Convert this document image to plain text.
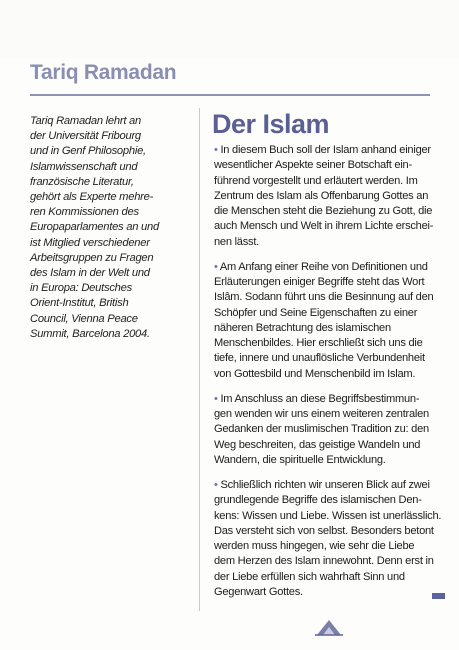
Tariq Ramadan
Tariq Ramadan lehrt an
der Universität Fribourg
und in Genf Philosophie,
Islamwissenschaft und
französische Literatur,
gehört als Experte mehre-
ren Kommissionen des
Europaparlamentes an und
ist Mitglied verschiedener
Arbeitsgruppen zu Fragen
des Islam in der Welt und
in Europa: Deutsches
Orient-Institut, British
Council, Vienna Peace
Summit, Barcelona 2004.
Der Islam
• In diesem Buch soll der Islam anhand einiger
wesentlicher Aspekte seiner Botschaft ein-
führend vorgestellt und erläutert werden. Im
Zentrum des Islam als Offenbarung Gottes an
die Menschen steht die Beziehung zu Gott, die
auch Mensch und Welt in ihrem Lichte erschei-
nen lässt.
• Am Anfang einer Reihe von Definitionen und
Erläuterungen einiger Begriffe steht das Wort
Islâm. Sodann führt uns die Besinnung auf den
Schöpfer und Seine Eigenschaften zu einer
näheren Betrachtung des islamischen
Menschenbildes. Hier erschließt sich uns die
tiefe, innere und unauflösliche Verbundenheit
von Gottesbild und Menschenbild im Islam.
• Im Anschluss an diese Begriffsbestimmun-
gen wenden wir uns einem weiteren zentralen
Gedanken der muslimischen Tradition zu: den
Weg beschreiten, das geistige Wandeln und
Wandern, die spirituelle Entwicklung.
• Schließlich richten wir unseren Blick auf zwei
grundlegende Begriffe des islamischen Den-
kens: Wissen und Liebe. Wissen ist unerlässlich.
Das versteht sich von selbst. Besonders betont
werden muss hingegen, wie sehr die Liebe
dem Herzen des Islam innewohnt. Denn erst in
der Liebe erfüllen sich wahrhaft Sinn und
Gegenwart Gottes.
